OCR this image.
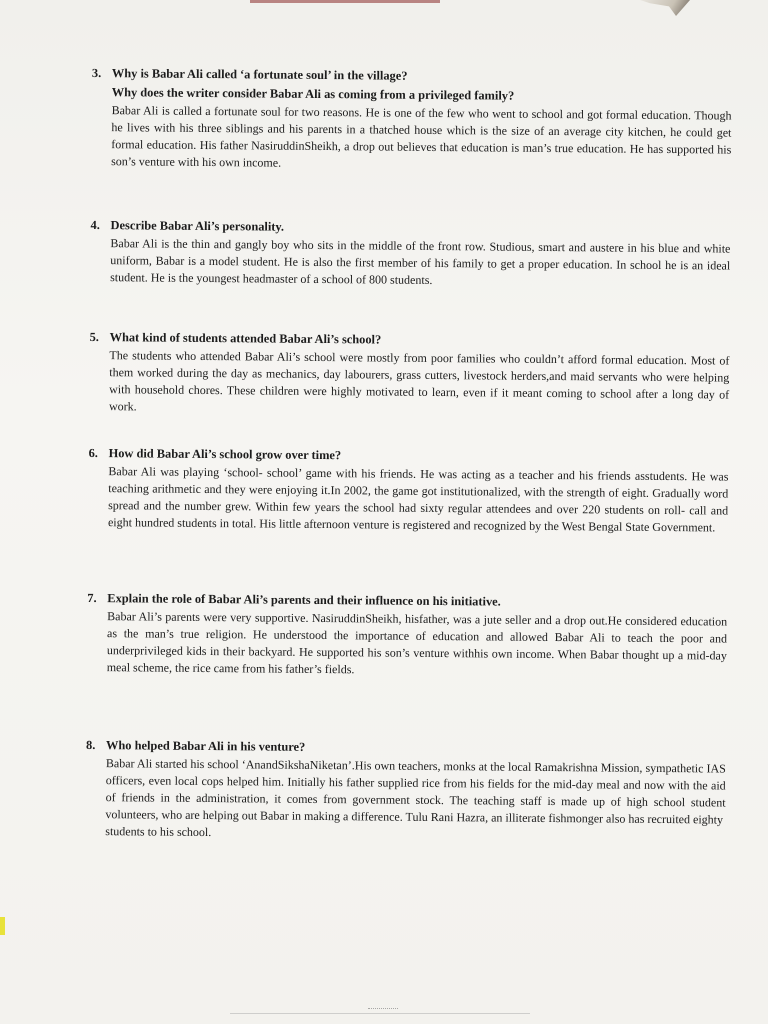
3. Why is Babar Ali called ‘a fortunate soul’ in the village?

Why does the writer consider Babar Ali as coming from a privileged family?

Babar Ali is called a fortunate soul for two reasons. He is one of the few who went to school and got formal education. Though he lives with his three siblings and his parents in a thatched house which is the size of an average city kitchen, he could get formal education. His father NasiruddinSheikh, a drop out believes that education is man’s true education. He has supported his son’s venture with his own income.

4. Describe Babar Ali’s personality.

Babar Ali is the thin and gangly boy who sits in the middle of the front row. Studious, smart and austere in his blue and white uniform, Babar is a model student. He is also the first member of his family to get a proper education. In school he is an ideal student. He is the youngest headmaster of a school of 800 students.

5. What kind of students attended Babar Ali’s school?

The students who attended Babar Ali’s school were mostly from poor families who couldn’t afford formal education. Most of them worked during the day as mechanics, day labourers, grass cutters, livestock herders,and maid servants who were helping with household chores. These children were highly motivated to learn, even if it meant coming to school after a long day of work.

6. How did Babar Ali’s school grow over time?

Babar Ali was playing ‘school- school’ game with his friends. He was acting as a teacher and his friends asstudents. He was teaching arithmetic and they were enjoying it.In 2002, the game got institutionalized, with the strength of eight. Gradually word spread and the number grew. Within few years the school had sixty regular attendees and over 220 students on roll- call and eight hundred students in total. His little afternoon venture is registered and recognized by the West Bengal State Government.

7. Explain the role of Babar Ali’s parents and their influence on his initiative.

Babar Ali’s parents were very supportive. NasiruddinSheikh, hisfather, was a jute seller and a drop out.He considered education as the man’s true religion. He understood the importance of education and allowed Babar Ali to teach the poor and underprivileged kids in their backyard. He supported his son’s venture withhis own income. When Babar thought up a mid-day meal scheme, the rice came from his father’s fields.

8. Who helped Babar Ali in his venture?

Babar Ali started his school ‘AnandSikshaNiketan’.His own teachers, monks at the local Ramakrishna Mission, sympathetic IAS officers, even local cops helped him. Initially his father supplied rice from his fields for the mid-day meal and now with the aid of friends in the administration, it comes from government stock. The teaching staff is made up of high school student volunteers, who are helping out Babar in making a difference. Tulu Rani Hazra, an illiterate fishmonger also has recruited eighty

students to his school.
